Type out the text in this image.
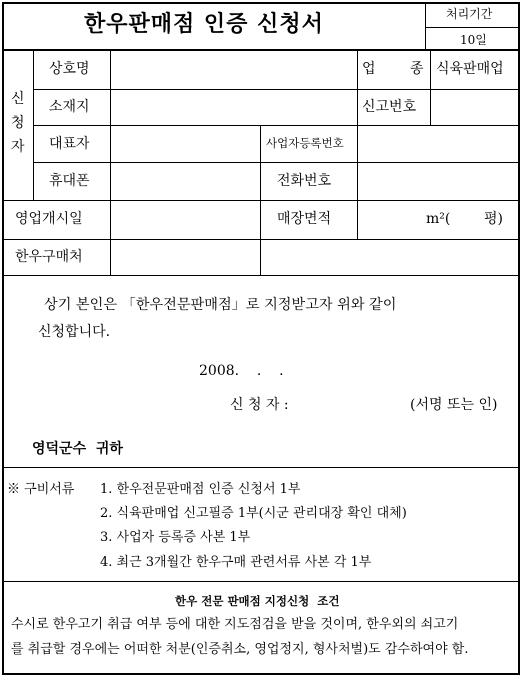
한우판매점 인증 신청서	처리기간
10일
신
청
자
상호명	업 종 식육판매업
소재지	신고번호
대표자	사업자등록번호
휴대폰	전화번호
영업개시일	매장면적	m²( 평)
한우구매처
상기 본인은 「한우전문판매점」로 지정받고자 위와 같이
신청합니다.
2008.    .    .
신 청 자 :	(서명 또는 인)
영덕군수  귀하
※ 구비서류 1. 한우전문판매점 인증 신청서 1부
2. 식육판매업 신고필증 1부(시군 관리대장 확인 대체)
3. 사업자 등록증 사본 1부
4. 최근 3개월간 한우구매 관련서류 사본 각 1부
한우 전문 판매점 지정신청  조건
수시로 한우고기 취급 여부 등에 대한 지도점검을 받을 것이며, 한우외의 쇠고기
를 취급할 경우에는 어떠한 처분(인증취소, 영업정지, 형사처벌)도 감수하여야 함.
